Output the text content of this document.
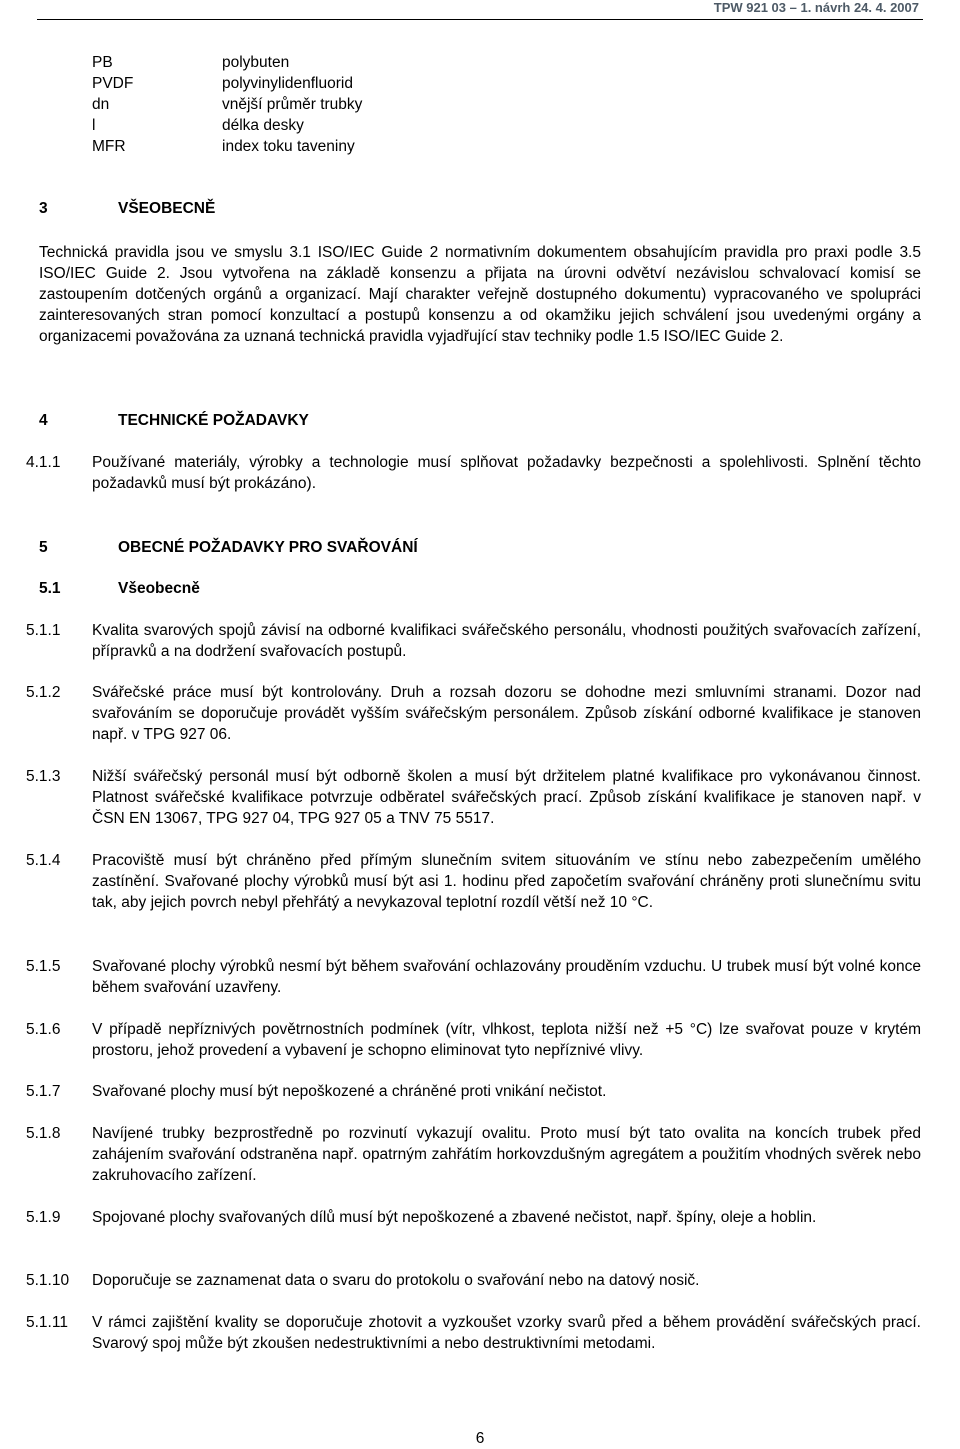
TPW 921 03 – 1. návrh 24. 4. 2007
PB	polybuten
PVDF	polyvinylidenfluorid
dn	vnější průměr trubky
l	délka desky
MFR	index toku taveniny
3	VŠEOBECNĚ
Technická pravidla jsou ve smyslu 3.1 ISO/IEC Guide 2 normativním dokumentem obsahujícím pravidla pro praxi podle 3.5 ISO/IEC Guide 2. Jsou vytvořena na základě konsenzu a přijata na úrovni odvětví nezávislou schvalovací komisí se zastoupením dotčených orgánů a organizací. Mají charakter veřejně dostupného dokumentu) vypracovaného ve spolupráci zainteresovaných stran pomocí konzultací a postupů konsenzu a od okamžiku jejich schválení jsou uvedenými orgány a organizacemi považována za uznaná technická pravidla vyjadřující stav techniky podle 1.5 ISO/IEC Guide 2.
4	TECHNICKÉ POŽADAVKY
4.1.1	Používané materiály, výrobky a technologie musí splňovat požadavky bezpečnosti a spolehlivosti. Splnění těchto požadavků musí být prokázáno).
5	OBECNÉ POŽADAVKY PRO SVAŘOVÁNÍ
5.1	Všeobecně
5.1.1	Kvalita svarových spojů závisí na odborné kvalifikaci svářečského personálu, vhodnosti použitých svařovacích zařízení, přípravků a na dodržení svařovacích postupů.
5.1.2	Svářečské práce musí být kontrolovány. Druh a rozsah dozoru se dohodne mezi smluvními stranami. Dozor nad svařováním se doporučuje provádět vyšším svářečským personálem. Způsob získání odborné kvalifikace je stanoven např. v TPG 927 06.
5.1.3	Nižší svářečský personál musí být odborně školen a musí být držitelem platné kvalifikace pro vykonávanou činnost. Platnost svářečské kvalifikace potvrzuje odběratel svářečských prací. Způsob získání kvalifikace je stanoven např. v ČSN EN 13067, TPG 927 04, TPG 927 05 a TNV 75 5517.
5.1.4	Pracoviště musí být chráněno před přímým slunečním svitem situováním ve stínu nebo zabezpečením umělého zastínění. Svařované plochy výrobků musí být asi 1. hodinu před započetím svařování chráněny proti slunečnímu svitu tak, aby jejich povrch nebyl přehřátý a nevykazoval teplotní rozdíl větší než 10 °C.
5.1.5	Svařované plochy výrobků nesmí být během svařování ochlazovány prouděním vzduchu. U trubek musí být volné konce během svařování uzavřeny.
5.1.6	V případě nepříznivých povětrnostních podmínek (vítr, vlhkost, teplota nižší než +5 °C) lze svařovat pouze v krytém prostoru, jehož provedení a vybavení je schopno eliminovat tyto nepříznivé vlivy.
5.1.7	Svařované plochy musí být nepoškozené a chráněné proti vnikání nečistot.
5.1.8	Navíjené trubky bezprostředně po rozvinutí vykazují ovalitu. Proto musí být tato ovalita na koncích trubek před zahájením svařování odstraněna např. opatrným zahřátím horkovzdušným agregátem a použitím vhodných svěrek nebo zakruhovacího zařízení.
5.1.9	Spojované plochy svařovaných dílů musí být nepoškozené a zbavené nečistot, např. špíny, oleje a hoblin.
5.1.10	Doporučuje se zaznamenat data o svaru do protokolu o svařování nebo na datový nosič.
5.1.11	V rámci zajištění kvality se doporučuje zhotovit a vyzkoušet vzorky svarů před a během provádění svářečských prací. Svarový spoj může být zkoušen nedestruktivními a nebo destruktivními metodami.
6
